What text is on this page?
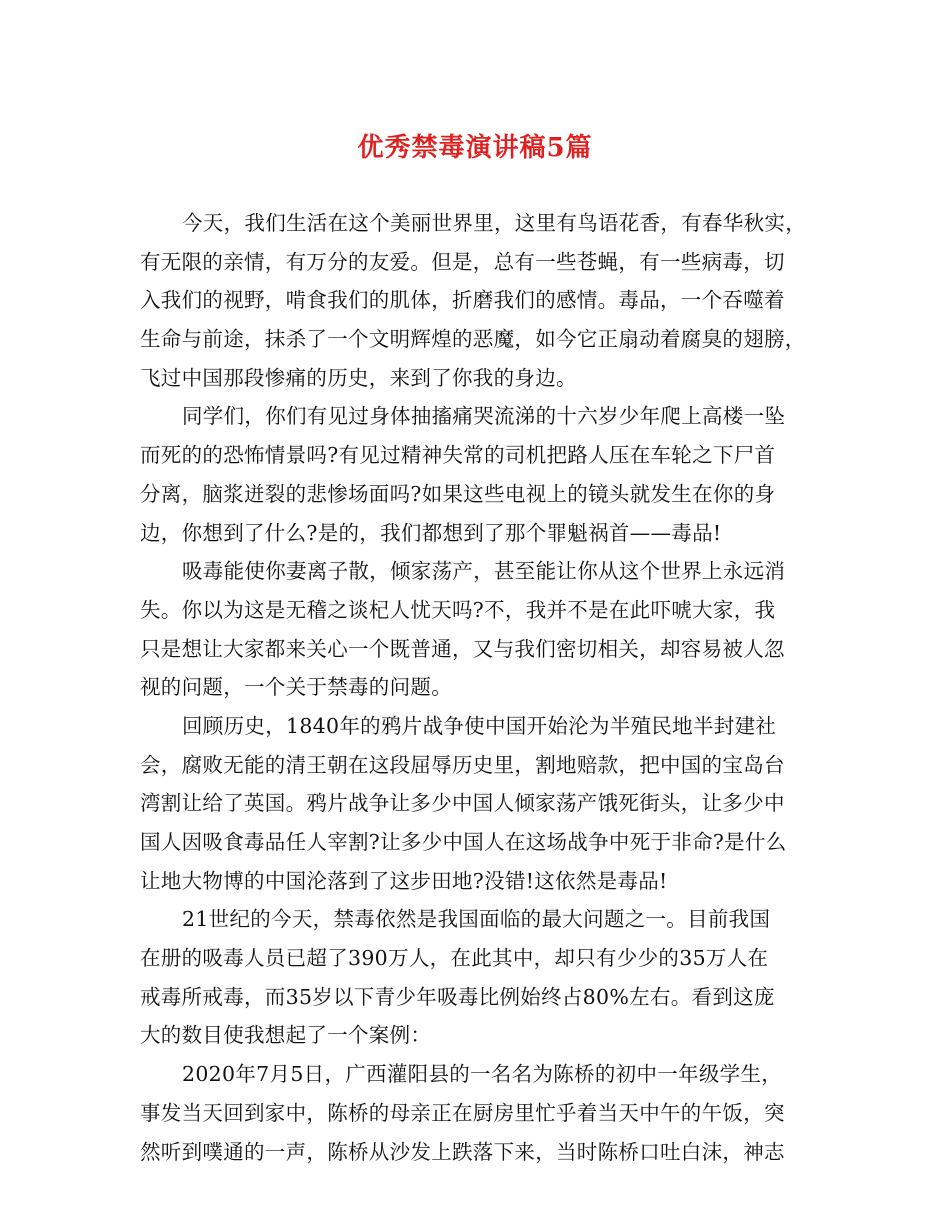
优秀禁毒演讲稿5篇
今天，我们生活在这个美丽世界里，这里有鸟语花香，有春华秋实，
有无限的亲情，有万分的友爱。但是，总有一些苍蝇，有一些病毒，切
入我们的视野，啃食我们的肌体，折磨我们的感情。毒品，一个吞噬着
生命与前途，抹杀了一个文明辉煌的恶魔，如今它正扇动着腐臭的翅膀，
飞过中国那段惨痛的历史，来到了你我的身边。
同学们，你们有见过身体抽搐痛哭流涕的十六岁少年爬上高楼一坠
而死的的恐怖情景吗?有见过精神失常的司机把路人压在车轮之下尸首
分离，脑浆迸裂的悲惨场面吗?如果这些电视上的镜头就发生在你的身
边，你想到了什么?是的，我们都想到了那个罪魁祸首——毒品!
吸毒能使你妻离子散，倾家荡产，甚至能让你从这个世界上永远消
失。你以为这是无稽之谈杞人忧天吗?不，我并不是在此吓唬大家，我
只是想让大家都来关心一个既普通，又与我们密切相关，却容易被人忽
视的问题，一个关于禁毒的问题。
回顾历史，1840年的鸦片战争使中国开始沦为半殖民地半封建社
会，腐败无能的清王朝在这段屈辱历史里，割地赔款，把中国的宝岛台
湾割让给了英国。鸦片战争让多少中国人倾家荡产饿死街头，让多少中
国人因吸食毒品任人宰割?让多少中国人在这场战争中死于非命?是什么
让地大物博的中国沦落到了这步田地?没错!这依然是毒品!
21世纪的今天，禁毒依然是我国面临的最大问题之一。目前我国
在册的吸毒人员已超了390万人，在此其中，却只有少少的35万人在
戒毒所戒毒，而35岁以下青少年吸毒比例始终占80%左右。看到这庞
大的数目使我想起了一个案例：
2020年7月5日，广西灌阳县的一名名为陈桥的初中一年级学生，
事发当天回到家中，陈桥的母亲正在厨房里忙乎着当天中午的午饭，突
然听到噗通的一声，陈桥从沙发上跌落下来，当时陈桥口吐白沫，神志
